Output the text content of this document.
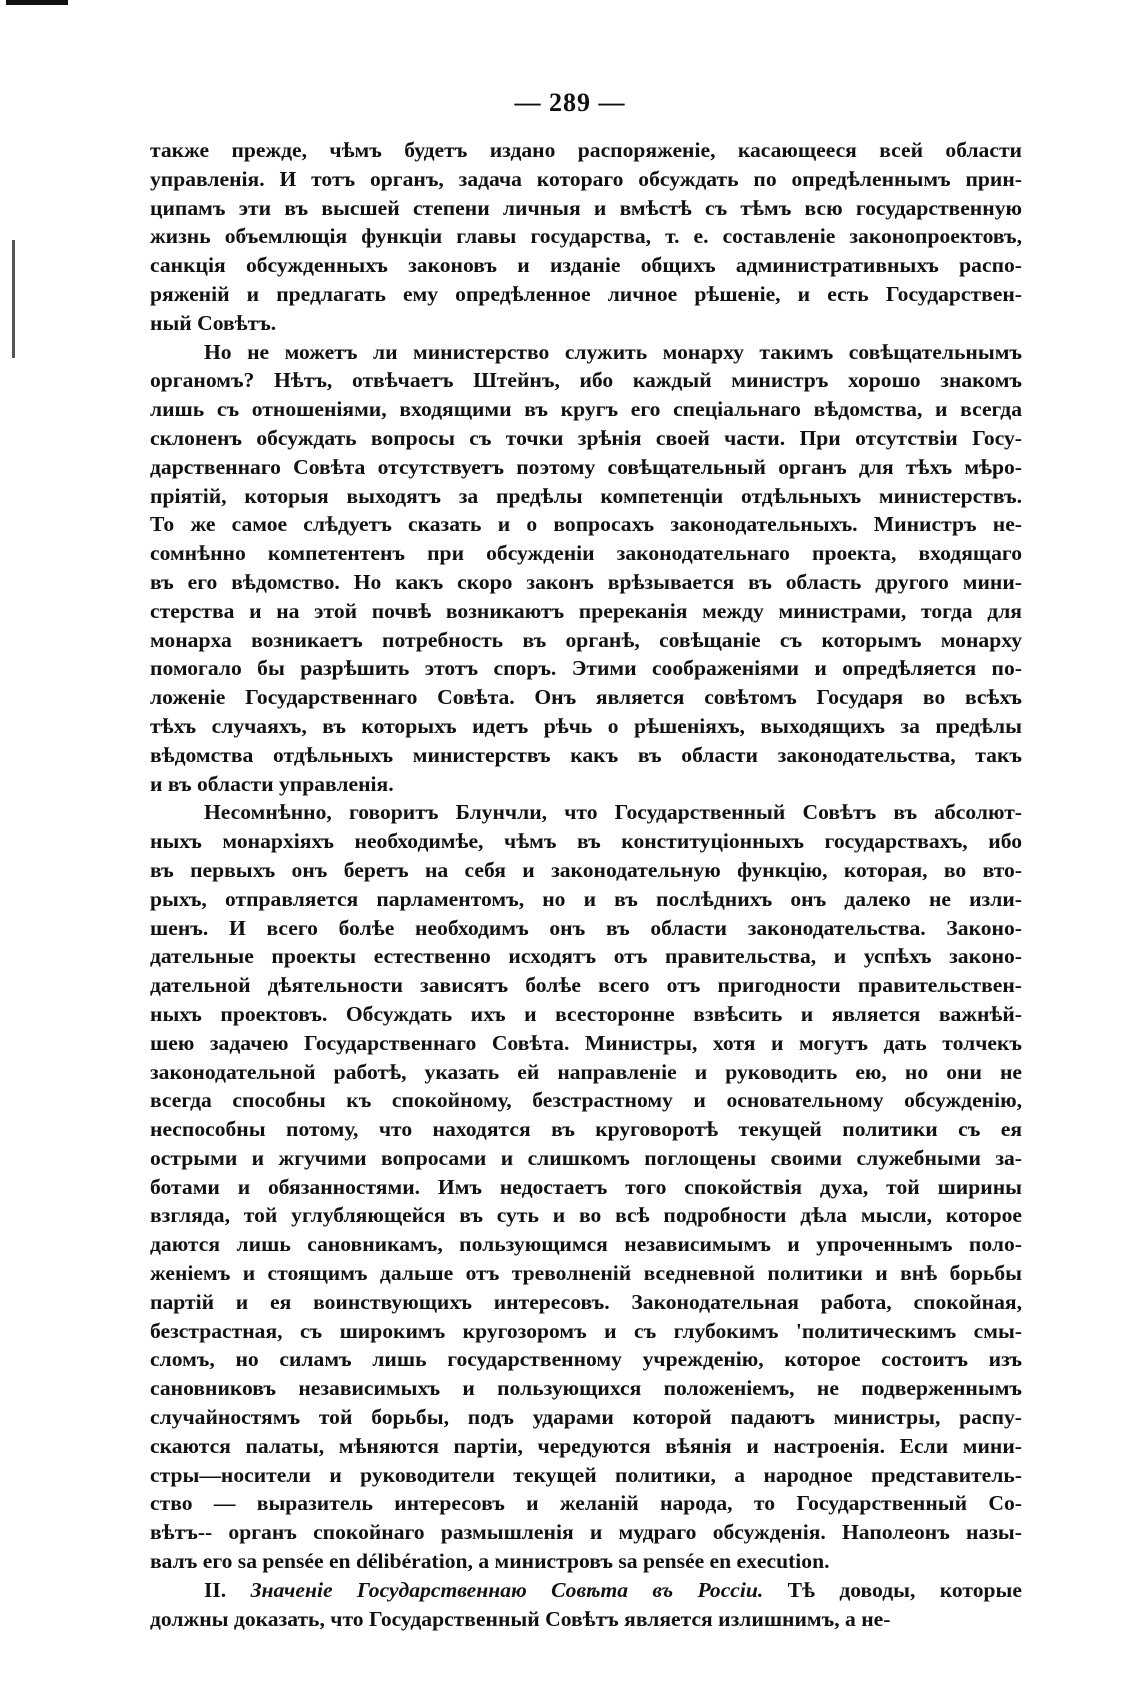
— 289 —
также прежде, чѣмъ будетъ издано распоряженіе, касающееся всей области
управленія. И тотъ органъ, задача котораго обсуждать по опредѣленнымъ прин-
ципамъ эти въ высшей степени личныя и вмѣстѣ съ тѣмъ всю государственную
жизнь объемлющія функціи главы государства, т. е. составленіе законопроектовъ,
санкція обсужденныхъ законовъ и изданіе общихъ административныхъ распо-
ряженій и предлагать ему опредѣленное личное рѣшеніе, и есть Государствен-
ный Совѣтъ.
Но не можетъ ли министерство служить монарху такимъ совѣщательнымъ
органомъ? Нѣтъ, отвѣчаетъ Штейнъ, ибо каждый министръ хорошо знакомъ
лишь съ отношеніями, входящими въ кругъ его спеціальнаго вѣдомства, и всегда
склоненъ обсуждать вопросы съ точки зрѣнія своей части. При отсутствіи Госу-
дарственнаго Совѣта отсутствуетъ поэтому совѣщательный органъ для тѣхъ мѣро-
пріятій, которыя выходятъ за предѣлы компетенціи отдѣльныхъ министерствъ.
То же самое слѣдуетъ сказать и о вопросахъ законодательныхъ. Министръ не-
сомнѣнно компетентенъ при обсужденіи законодательнаго проекта, входящаго
въ его вѣдомство. Но какъ скоро законъ врѣзывается въ область другого мини-
стерства и на этой почвѣ возникаютъ пререканія между министрами, тогда для
монарха возникаетъ потребность въ органѣ, совѣщаніе съ которымъ монарху
помогало бы разрѣшить этотъ споръ. Этими соображеніями и опредѣляется по-
ложеніе Государственнаго Совѣта. Онъ является совѣтомъ Государя во всѣхъ
тѣхъ случаяхъ, въ которыхъ идетъ рѣчь о рѣшеніяхъ, выходящихъ за предѣлы
вѣдомства отдѣльныхъ министерствъ какъ въ области законодательства, такъ
и въ области управленія.
Несомнѣнно, говоритъ Блунчли, что Государственный Совѣтъ въ абсолют-
ныхъ монархіяхъ необходимѣе, чѣмъ въ конституціонныхъ государствахъ, ибо
въ первыхъ онъ беретъ на себя и законодательную функцію, которая, во вто-
рыхъ, отправляется парламентомъ, но и въ послѣднихъ онъ далеко не изли-
шенъ. И всего болѣе необходимъ онъ въ области законодательства. Законо-
дательные проекты естественно исходятъ отъ правительства, и успѣхъ законо-
дательной дѣятельности зависятъ болѣе всего отъ пригодности правительствен-
ныхъ проектовъ. Обсуждать ихъ и всесторонне взвѣсить и является важнѣй-
шею задачею Государственнаго Совѣта. Министры, хотя и могутъ дать толчекъ
законодательной работѣ, указать ей направленіе и руководить ею, но они не
всегда способны къ спокойному, безстрастному и основательному обсужденію,
неспособны потому, что находятся въ круговоротѣ текущей политики съ ея
острыми и жгучими вопросами и слишкомъ поглощены своими служебными за-
ботами и обязанностями. Имъ недостаетъ того спокойствія духа, той ширины
взгляда, той углубляющейся въ суть и во всѣ подробности дѣла мысли, которое
даются лишь сановникамъ, пользующимся независимымъ и упроченнымъ поло-
женіемъ и стоящимъ дальше отъ треволненій вседневной политики и внѣ борьбы
партій и ея воинствующихъ интересовъ. Законодательная работа, спокойная,
безстрастная, съ широкимъ кругозоромъ и съ глубокимъ 'политическимъ смы-
сломъ, но силамъ лишь государственному учрежденію, которое состоитъ изъ
сановниковъ независимыхъ и пользующихся положеніемъ, не подверженнымъ
случайностямъ той борьбы, подъ ударами которой падаютъ министры, распу-
скаются палаты, мѣняются партіи, чередуются вѣянія и настроенія. Если мини-
стры—носители и руководители текущей политики, а народное представитель-
ство — выразитель интересовъ и желаній народа, то Государственный Со-
вѣтъ-- органъ спокойнаго размышленія и мудраго обсужденія. Наполеонъ назы-
валъ его sa pensée en délibération, а министровъ sa pensée en execution.
II. Значеніе Государственнаю Совѣта въ Россіи. Тѣ доводы, которые
должны доказать, что Государственный Совѣтъ является излишнимъ, а не-
